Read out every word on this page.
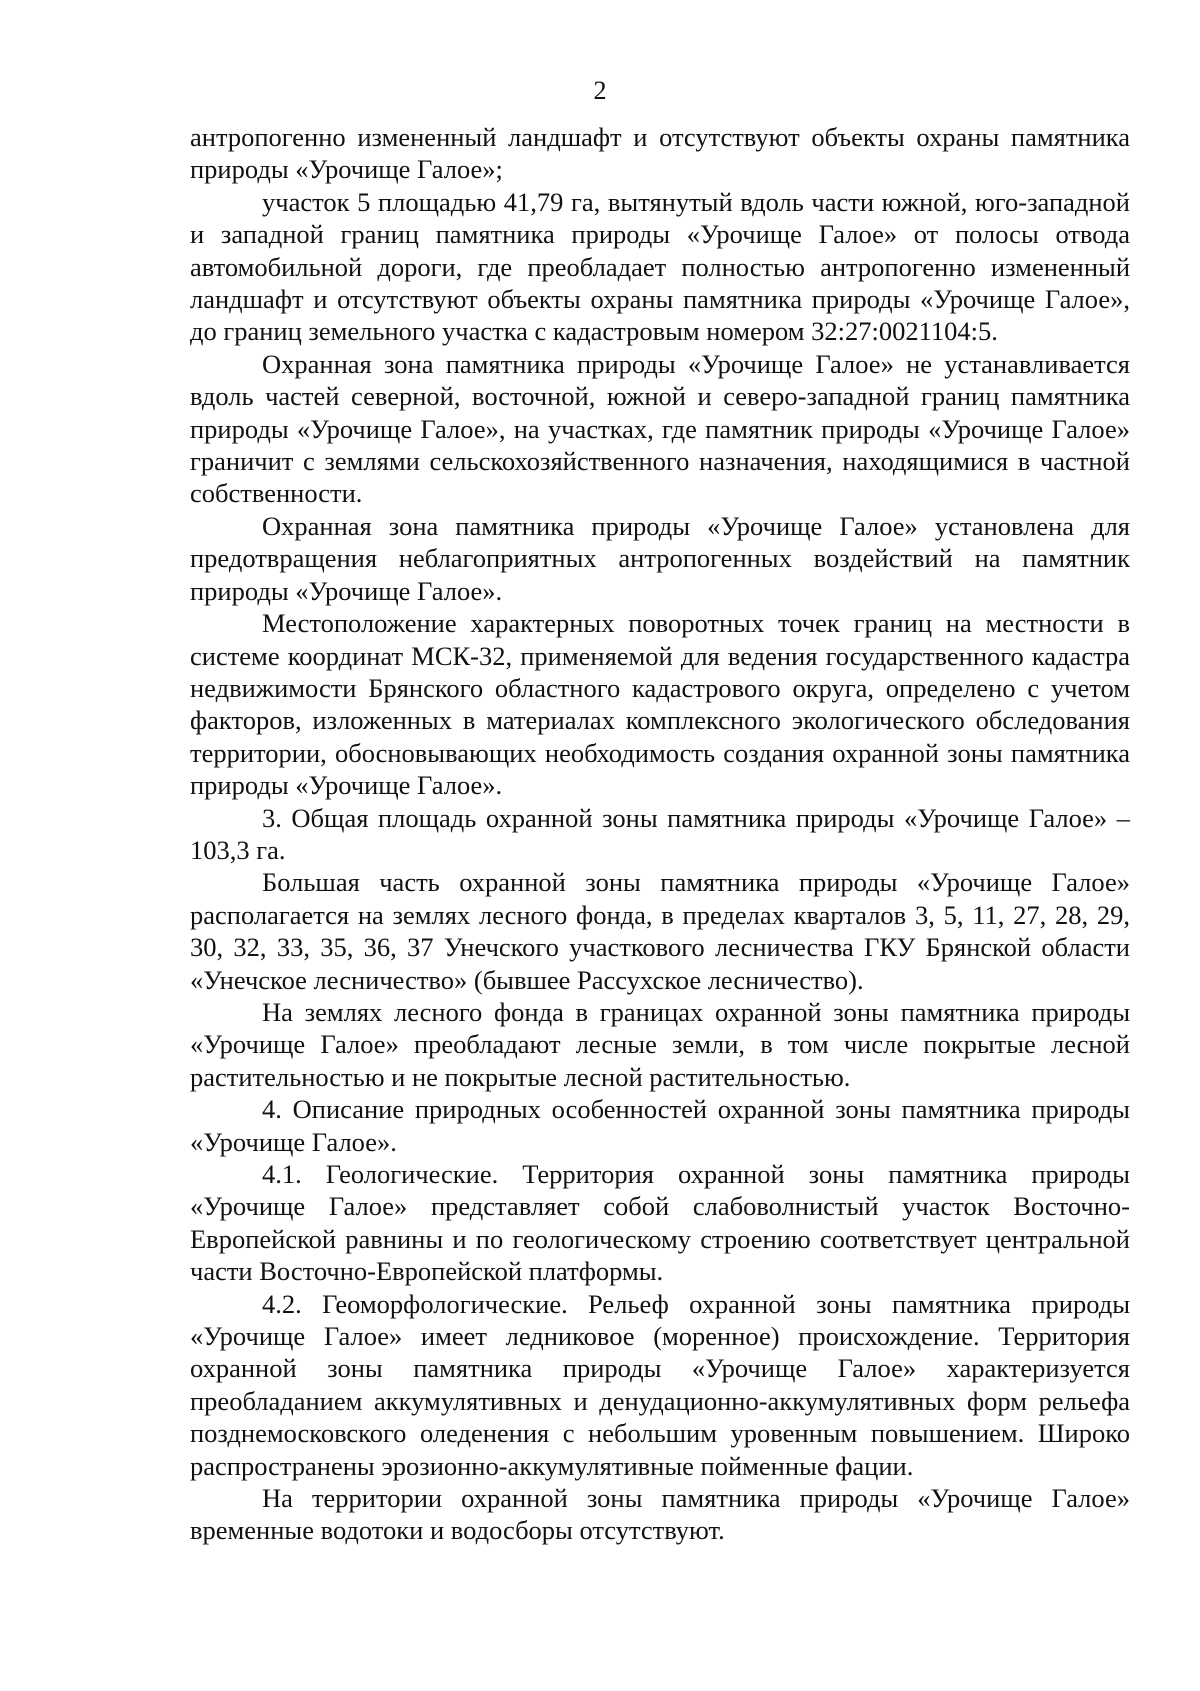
2

антропогенно измененный ландшафт и отсутствуют объекты охраны памятника природы «Урочище Галое»;

участок 5 площадью 41,79 га, вытянутый вдоль части южной, юго-западной и западной границ памятника природы «Урочище Галое» от полосы отвода автомобильной дороги, где преобладает полностью антропогенно измененный ландшафт и отсутствуют объекты охраны памятника природы «Урочище Галое», до границ земельного участка с кадастровым номером 32:27:0021104:5.

Охранная зона памятника природы «Урочище Галое» не устанавливается вдоль частей северной, восточной, южной и северо-западной границ памятника природы «Урочище Галое», на участках, где памятник природы «Урочище Галое» граничит с землями сельскохозяйственного назначения, находящимися в частной собственности.

Охранная зона памятника природы «Урочище Галое» установлена для предотвращения неблагоприятных антропогенных воздействий на памятник природы «Урочище Галое».

Местоположение характерных поворотных точек границ на местности в системе координат МСК-32, применяемой для ведения государственного кадастра недвижимости Брянского областного кадастрового округа, определено с учетом факторов, изложенных в материалах комплексного экологического обследования территории, обосновывающих необходимость создания охранной зоны памятника природы «Урочище Галое».

3. Общая площадь охранной зоны памятника природы «Урочище Галое» – 103,3 га.

Большая часть охранной зоны памятника природы «Урочище Галое» располагается на землях лесного фонда, в пределах кварталов 3, 5, 11, 27, 28, 29, 30, 32, 33, 35, 36, 37 Унечского участкового лесничества ГКУ Брянской области «Унечское лесничество» (бывшее Рассухское лесничество).

На землях лесного фонда в границах охранной зоны памятника природы «Урочище Галое» преобладают лесные земли, в том числе покрытые лесной растительностью и не покрытые лесной растительностью.

4. Описание природных особенностей охранной зоны памятника природы «Урочище Галое».

4.1. Геологические. Территория охранной зоны памятника природы «Урочище Галое» представляет собой слабоволнистый участок Восточно-Европейской равнины и по геологическому строению соответствует центральной части Восточно-Европейской платформы.

4.2. Геоморфологические. Рельеф охранной зоны памятника природы «Урочище Галое» имеет ледниковое (моренное) происхождение. Территория охранной зоны памятника природы «Урочище Галое» характеризуется преобладанием аккумулятивных и денудационно-аккумулятивных форм рельефа позднемосковского оледенения с небольшим уровенным повышением. Широко распространены эрозионно-аккумулятивные пойменные фации.

На территории охранной зоны памятника природы «Урочище Галое» временные водотоки и водосборы отсутствуют.
